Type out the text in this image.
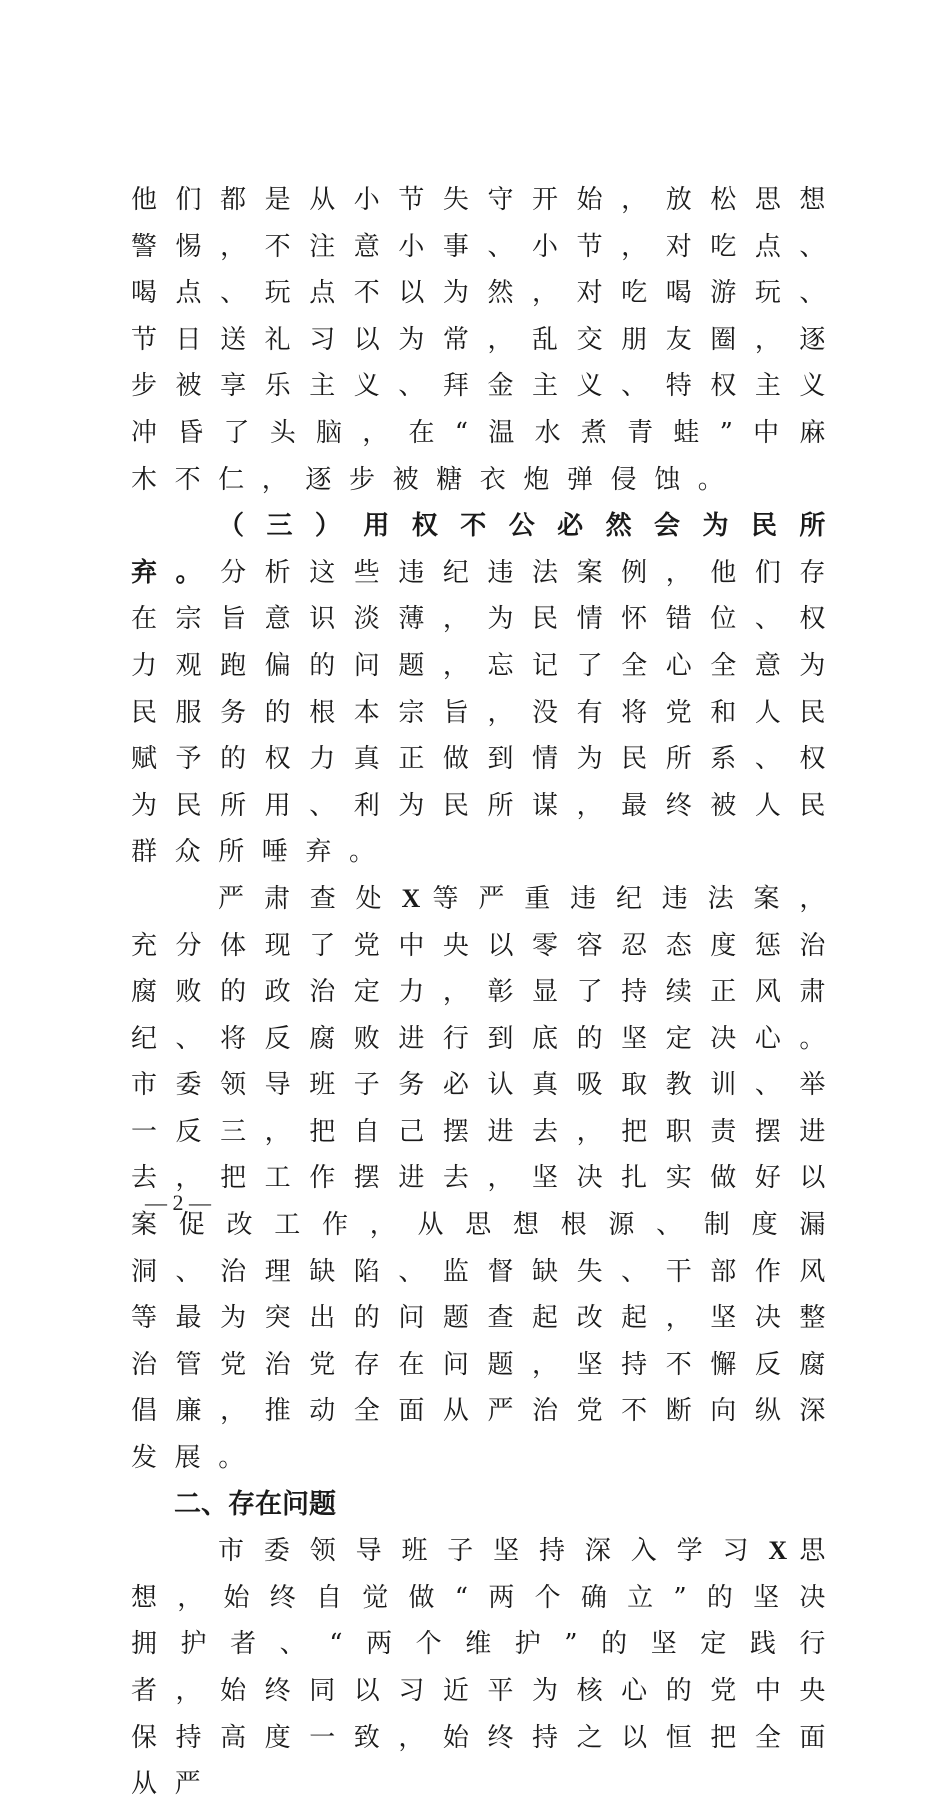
他们都是从小节失守开始，放松思想警惕，不注意小事、小节，对吃点、喝点、玩点不以为然，对吃喝游玩、节日送礼习以为常，乱交朋友圈，逐步被享乐主义、拜金主义、特权主义冲昏了头脑，在“温水煮青蛙”中麻木不仁，逐步被糖衣炮弹侵蚀。

（三）用权不公必然会为民所弃。分析这些违纪违法案例，他们存在宗旨意识淡薄，为民情怀错位、权力观跑偏的问题，忘记了全心全意为民服务的根本宗旨，没有将党和人民赋予的权力真正做到情为民所系、权为民所用、利为民所谋，最终被人民群众所唾弃。

严肃查处X等严重违纪违法案，充分体现了党中央以零容忍态度惩治腐败的政治定力，彰显了持续正风肃纪、将反腐败进行到底的坚定决心。市委领导班子务必认真吸取教训、举一反三，把自己摆进去，把职责摆进去，把工作摆进去，坚决扎实做好以案促改工作，从思想根源、制度漏洞、治理缺陷、监督缺失、干部作风等最为突出的问题查起改起，坚决整治管党治党存在问题，坚持不懈反腐倡廉，推动全面从严治党不断向纵深发展。

二、存在问题

市委领导班子坚持深入学习X思想，始终自觉做“两个确立”的坚决拥护者、“两个维护”的坚定践行者，始终同以习近平为核心的党中央保持高度一致，始终持之以恒把全面从严

— 2 —
